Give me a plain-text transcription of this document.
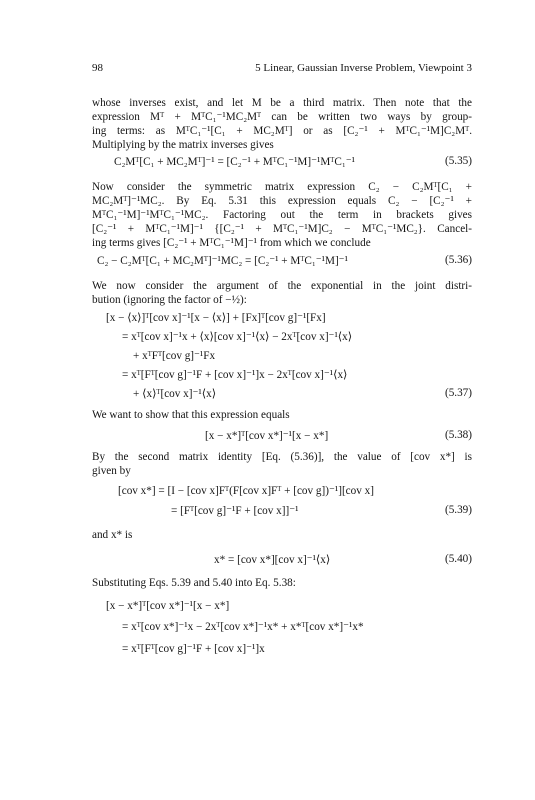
98	5 Linear, Gaussian Inverse Problem, Viewpoint 3

whose inverses exist, and let M be a third matrix. Then note that the
expression Mᵀ + MᵀC₁⁻¹MC₂Mᵀ can be written two ways by group-
ing terms: as MᵀC₁⁻¹[C₁ + MC₂Mᵀ] or as [C₂⁻¹ + MᵀC₁⁻¹M]C₂Mᵀ.
Multiplying by the matrix inverses gives

C₂Mᵀ[C₁ + MC₂Mᵀ]⁻¹ = [C₂⁻¹ + MᵀC₁⁻¹M]⁻¹MᵀC₁⁻¹	(5.35)

Now consider the symmetric matrix expression C₂ − C₂Mᵀ[C₁ +
MC₂Mᵀ]⁻¹MC₂. By Eq. 5.31 this expression equals C₂ − [C₂⁻¹ +
MᵀC₁⁻¹M]⁻¹MᵀC₁⁻¹MC₂. Factoring out the term in brackets gives
[C₂⁻¹ + MᵀC₁⁻¹M]⁻¹ {[C₂⁻¹ + MᵀC₁⁻¹M]C₂ − MᵀC₁⁻¹MC₂}. Cancel-
ing terms gives [C₂⁻¹ + MᵀC₁⁻¹M]⁻¹ from which we conclude

C₂ − C₂Mᵀ[C₁ + MC₂Mᵀ]⁻¹MC₂ = [C₂⁻¹ + MᵀC₁⁻¹M]⁻¹	(5.36)

We now consider the argument of the exponential in the joint distri-
bution (ignoring the factor of −½):

[x − ⟨x⟩]ᵀ[cov x]⁻¹[x − ⟨x⟩] + [Fx]ᵀ[cov g]⁻¹[Fx]
= xᵀ[cov x]⁻¹x + ⟨x⟩[cov x]⁻¹⟨x⟩ − 2xᵀ[cov x]⁻¹⟨x⟩
+ xᵀFᵀ[cov g]⁻¹Fx
= xᵀ[Fᵀ[cov g]⁻¹F + [cov x]⁻¹]x − 2xᵀ[cov x]⁻¹⟨x⟩
+ ⟨x⟩ᵀ[cov x]⁻¹⟨x⟩	(5.37)

We want to show that this expression equals

[x − x*]ᵀ[cov x*]⁻¹[x − x*]	(5.38)

By the second matrix identity [Eq. (5.36)], the value of [cov x*] is
given by

[cov x*] = [I − [cov x]Fᵀ(F[cov x]Fᵀ + [cov g])⁻¹][cov x]
= [Fᵀ[cov g]⁻¹F + [cov x]]⁻¹	(5.39)

and x* is

x* = [cov x*][cov x]⁻¹⟨x⟩	(5.40)

Substituting Eqs. 5.39 and 5.40 into Eq. 5.38:

[x − x*]ᵀ[cov x*]⁻¹[x − x*]
= xᵀ[cov x*]⁻¹x − 2xᵀ[cov x*]⁻¹x* + x*ᵀ[cov x*]⁻¹x*
= xᵀ[Fᵀ[cov g]⁻¹F + [cov x]⁻¹]x
